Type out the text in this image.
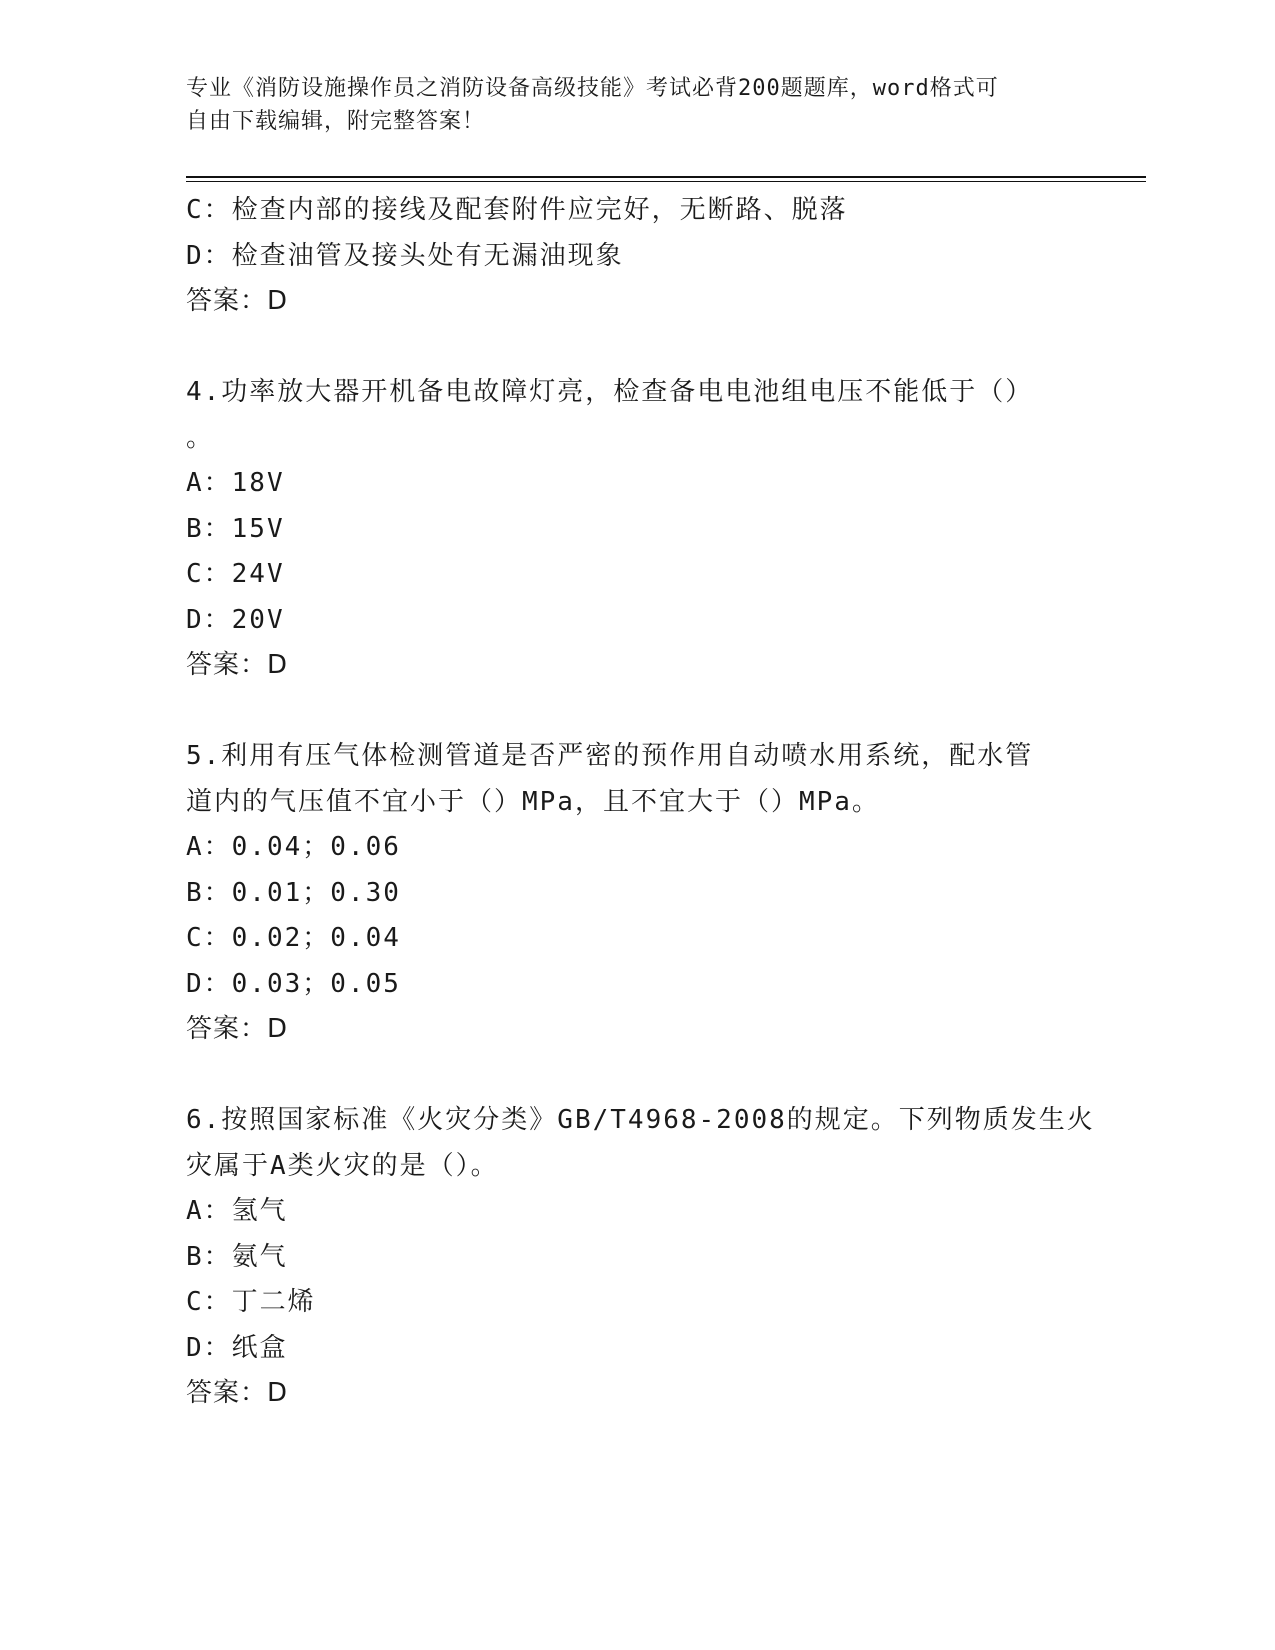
专业《消防设施操作员之消防设备高级技能》考试必背200题题库，word格式可
自由下载编辑，附完整答案！
C：检查内部的接线及配套附件应完好，无断路、脱落
D：检查油管及接头处有无漏油现象
答案：D
4.功率放大器开机备电故障灯亮，检查备电电池组电压不能低于（）
。
A：18V
B：15V
C：24V
D：20V
答案：D
5.利用有压气体检测管道是否严密的预作用自动喷水用系统，配水管
道内的气压值不宜小于（）MPa，且不宜大于（）MPa。
A：0.04；0.06
B：0.01；0.30
C：0.02；0.04
D：0.03；0.05
答案：D
6.按照国家标准《火灾分类》GB/T4968-2008的规定。下列物质发生火
灾属于A类火灾的是（）。
A：氢气
B：氨气
C：丁二烯
D：纸盒
答案：D
